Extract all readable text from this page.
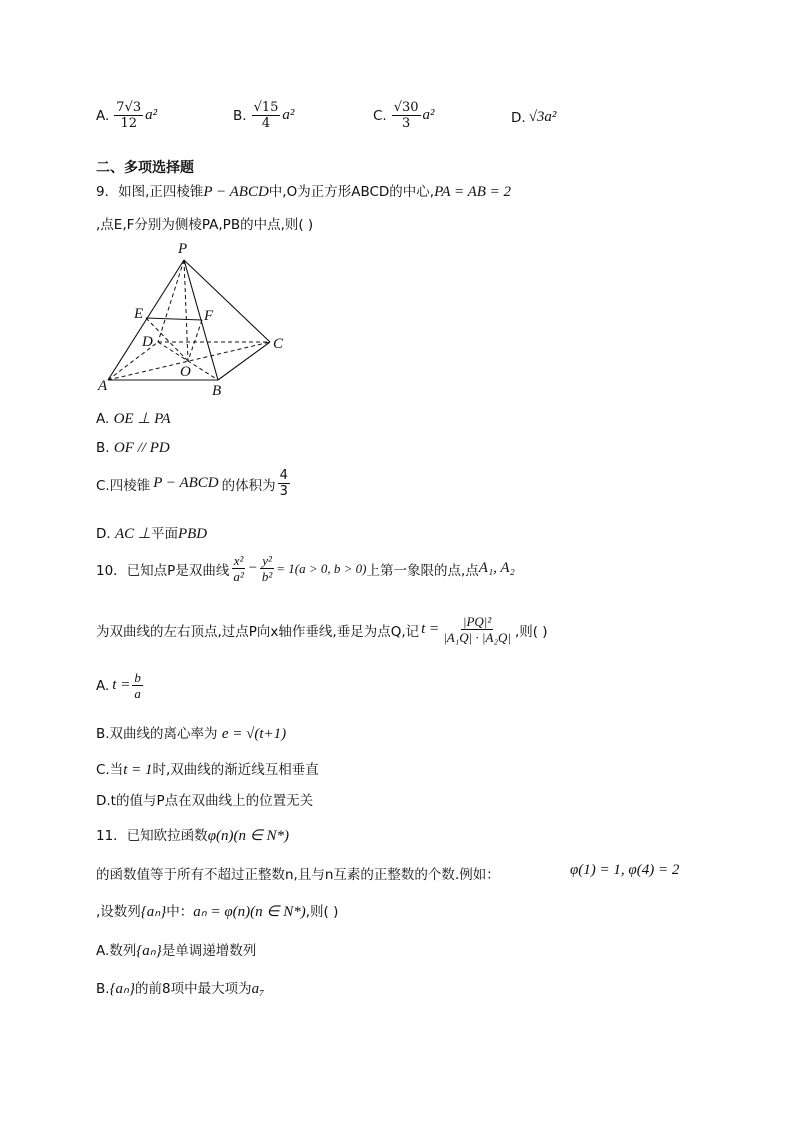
A. $\frac{7√3}{12} a^2$	B. $\frac{√15}{4} a^2$	C. $\frac{√30}{3} a^2$	D. √3a²
二、多项选择题
9．如图,正四棱锥P − ABCD中,O为正方形ABCD的中心,PA = AB = 2
,点E,F分别为侧棱PA,PB的中点,则( )
P
E	F
D	C
O
A	B
A. OE ⊥ PA
B. OF // PD
C.四棱锥 P − ABCD 的体积为 $\frac{4}{3}$
D. AC ⊥平面PBD
10．已知点P是双曲线 $\frac{\text{x²}}{\text{a²}} - \frac{\text{y²}}{\text{b²}} = 1(a > 0$, b > 0) 上第一象限的点,点 A₁, A₂
为双曲线的左右顶点,过点P向x轴作垂线,垂足为点Q,记 $t = \frac{\text{|PQ|²}}{\text{|A₁Q| · |A₂Q|}}$ ,则( )
A. $t = \frac{b}{a}$
B.双曲线的离心率为 e = √(t+1)
C.当t = 1时,双曲线的渐近线互相垂直
D.t的值与P点在双曲线上的位置无关
11．已知欧拉函数φ(n)(n ∈ N*)
的函数值等于所有不超过正整数n,且与n互素的正整数的个数.例如：	φ(1) = 1, φ(4) = 2
,设数列{aₙ}中：aₙ = φ(n)(n ∈ N*),则( )
A.数列{aₙ}是单调递增数列
B.{aₙ}的前8项中最大项为a₇
